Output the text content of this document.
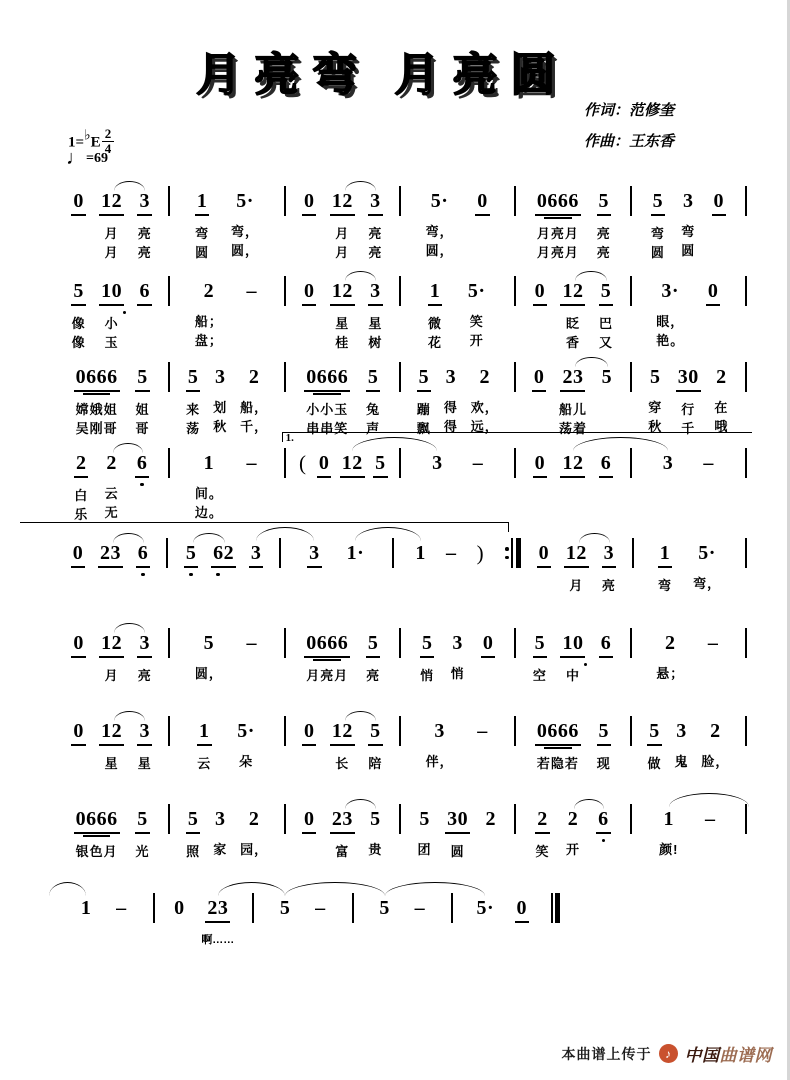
月亮弯 月亮圆
作词：范修奎
作曲：王东香
1=♭E $\frac{2}{4}$
♩=69
0

12
月
月
3
亮
亮
1
弯
圆
5·
弯，
圆，
0

12
月
月
3
亮
亮
5·
弯，
圆，
0

0666
月亮月
月亮月
5
亮
亮
5
弯
圆
3
弯
圆
0

5
像
像
10
小
玉
6

	2
船；
盘；
–

0

12
星
桂
3
星
树
1
微
花
5·
笑
开
0

12
眨
香
5
巴
又
3·
眼，
艳。
0

0666
嫦娥姐
吴刚哥
5
姐
哥
5
来
荡
3
划
秋
2
船，
千，
0666
小小玉
串串笑
5
兔
声
5
蹦
飘
3
得
得
2
欢，
远，
0

23
船儿
荡着
5

5
穿
秋
30
行
千
2
在
哦
2
白
乐
2
云
无
6

	1
间。
边。
–

( 0 12 5 3 –	0 12 6	3 –
1.
0 23 6 5 62 3 3 1·	1 – )	0
12
月
3
亮
1
弯
5·
弯，
0
12
月
3
亮
5
圆，
–
0666
月亮月
5
亮
5
悄
3
悄
0
5
空
10
中
6
	2
悬；
–

0
12
星
3
星
1
云
5·
朵
0
12
长
5
陪
3
伴，
–
0666
若隐若
5
现
5
做
3
鬼
2
脸，
0666
银色月
5
光
5
照
3
家
2
园，
0
23
富
5
贵
5
团
30
圆
2
2
笑
2
开
6
	1
颜!
–

1 – 0
23
啊……
5 –	5 –	5· 0
本曲谱上传于	♪ 中国曲谱网
